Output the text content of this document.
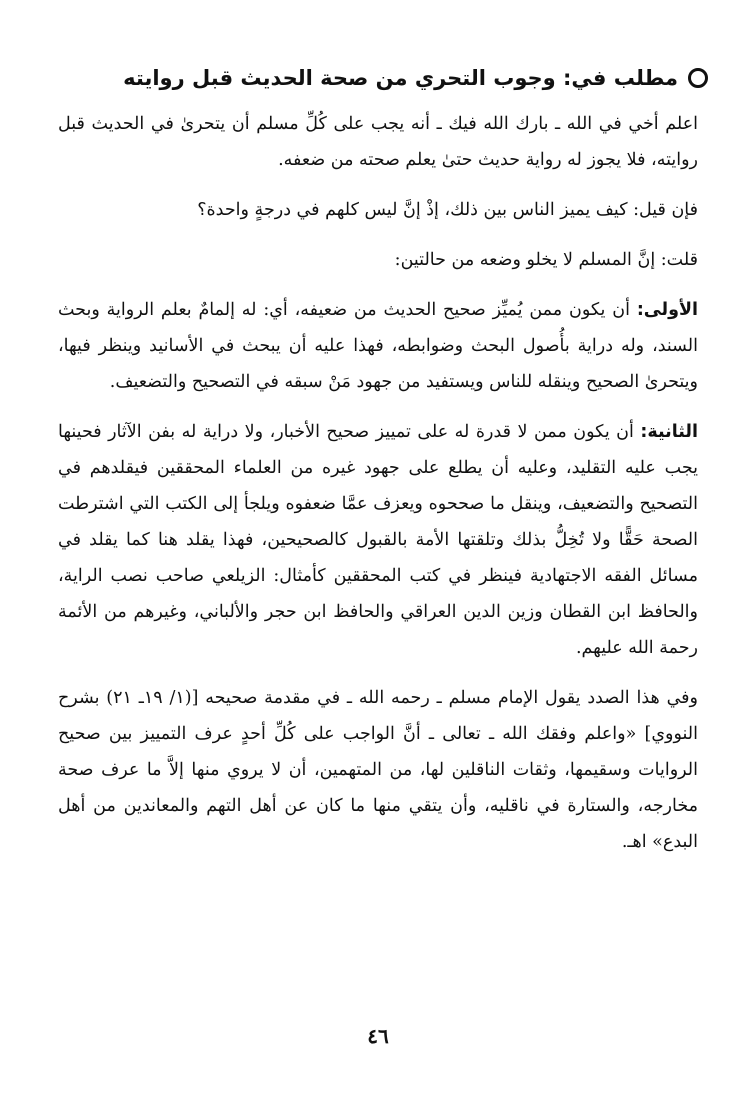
مطلب في: وجوب التحري من صحة الحديث قبل روايته

اعلم أخي في الله ـ بارك الله فيك ـ أنه يجب على كُلِّ مسلم أن يتحرىٰ في الحديث قبل روايته، فلا يجوز له رواية حديث حتىٰ يعلم صحته من ضعفه.

فإن قيل: كيف يميز الناس بين ذلك، إذْ إنَّ ليس كلهم في درجةٍ واحدة؟

قلت: إنَّ المسلم لا يخلو وضعه من حالتين:

الأولى: أن يكون ممن يُميِّز صحيح الحديث من ضعيفه، أي: له إلمامٌ بعلم الرواية وبحث السند، وله دراية بأُصول البحث وضوابطه، فهذا عليه أن يبحث في الأسانيد وينظر فيها، ويتحرىٰ الصحيح وينقله للناس ويستفيد من جهود مَنْ سبقه في التصحيح والتضعيف.

الثانية: أن يكون ممن لا قدرة له على تمييز صحيح الأخبار، ولا دراية له بفن الآثار فحينها يجب عليه التقليد، وعليه أن يطلع على جهود غيره من العلماء المحققين فيقلدهم في التصحيح والتضعيف، وينقل ما صححوه ويعزف عمَّا ضعفوه ويلجأ إلى الكتب التي اشترطت الصحة حَقًّا ولا تُخِلُّ بذلك وتلقتها الأمة بالقبول كالصحيحين، فهذا يقلد هنا كما يقلد في مسائل الفقه الاجتهادية فينظر في كتب المحققين كأمثال: الزيلعي صاحب نصب الراية، والحافظ ابن القطان وزين الدين العراقي والحافظ ابن حجر والألباني، وغيرهم من الأئمة رحمة الله عليهم.

وفي هذا الصدد يقول الإمام مسلم ـ رحمه الله ـ في مقدمة صحيحه [(١/ ١٩ـ ٢١) بشرح النووي] «واعلم وفقك الله ـ تعالى ـ أنَّ الواجب على كُلِّ أحدٍ عرف التمييز بين صحيح الروايات وسقيمها، وثقات الناقلين لها، من المتهمين، أن لا يروي منها إلاَّ ما عرف صحة مخارجه، والستارة في ناقليه، وأن يتقي منها ما كان عن أهل التهم والمعاندين من أهل البدع» اهـ.

٤٦
